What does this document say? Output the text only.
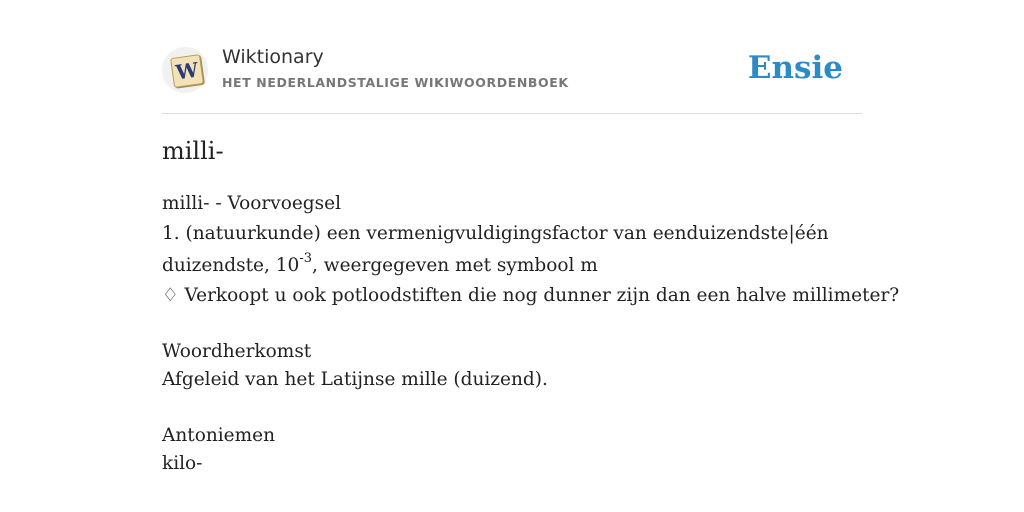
W
Wiktionary
HET NEDERLANDSTALIGE WIKIWOORDENBOEK	Ensie
milli-
milli- - Voorvoegsel
1. (natuurkunde) een vermenigvuldigingsfactor van eenduizendste|één
duizendste, $10^{-3}$, weergegeven met symbool m
♢ Verkoopt u ook potloodstiften die nog dunner zijn dan een halve millimeter?
Woordherkomst
Afgeleid van het Latijnse mille (duizend).
Antoniemen
kilo-
